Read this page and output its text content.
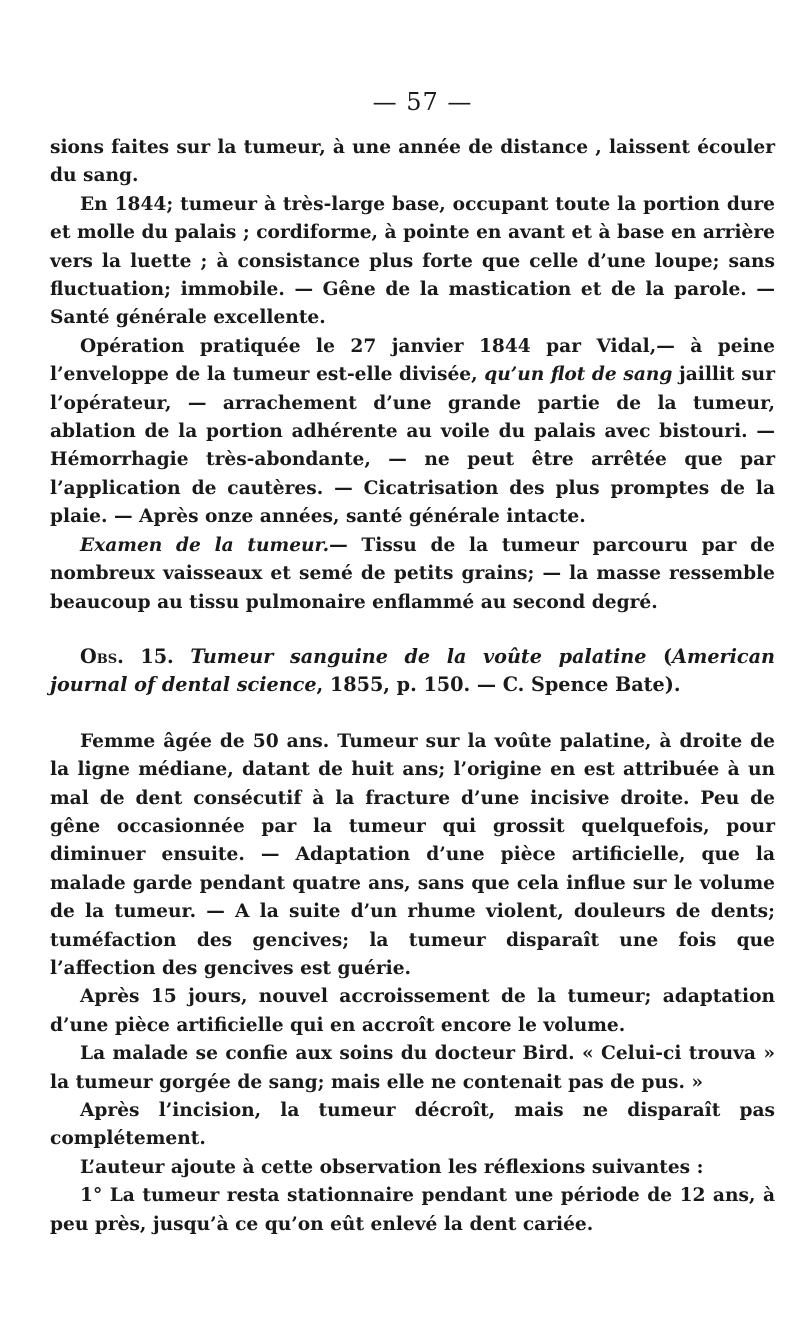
— 57 —

sions faites sur la tumeur, à une année de distance , laissent écouler du sang.

En 1844; tumeur à très-large base, occupant toute la portion dure et molle du palais ; cordiforme, à pointe en avant et à base en arrière vers la luette ; à consistance plus forte que celle d’une loupe; sans fluctuation; immobile. — Gêne de la mastication et de la parole. — Santé générale excellente.

Opération pratiquée le 27 janvier 1844 par Vidal,— à peine l’enveloppe de la tumeur est-elle divisée, qu’un flot de sang jaillit sur l’opérateur, — arrachement d’une grande partie de la tumeur, ablation de la portion adhérente au voile du palais avec bistouri. — Hémorrhagie très-abondante, — ne peut être arrêtée que par l’application de cautères. — Cicatrisation des plus promptes de la plaie. — Après onze années, santé générale intacte.

Examen de la tumeur.— Tissu de la tumeur parcouru par de nombreux vaisseaux et semé de petits grains; — la masse ressemble beaucoup au tissu pulmonaire enflammé au second degré.

Obs. 15. Tumeur sanguine de la voûte palatine (American journal of dental science, 1855, p. 150. — C. Spence Bate).

Femme âgée de 50 ans. Tumeur sur la voûte palatine, à droite de la ligne médiane, datant de huit ans; l’origine en est attribuée à un mal de dent consécutif à la fracture d’une incisive droite. Peu de gêne occasionnée par la tumeur qui grossit quelquefois, pour diminuer ensuite. — Adaptation d’une pièce artificielle, que la malade garde pendant quatre ans, sans que cela influe sur le volume de la tumeur. — A la suite d’un rhume violent, douleurs de dents; tuméfaction des gencives; la tumeur disparaît une fois que l’affection des gencives est guérie.

Après 15 jours, nouvel accroissement de la tumeur; adaptation d’une pièce artificielle qui en accroît encore le volume.

La malade se confie aux soins du docteur Bird. « Celui-ci trouva » la tumeur gorgée de sang; mais elle ne contenait pas de pus. »

Après l’incision, la tumeur décroît, mais ne disparaît pas complétement.

L’auteur ajoute à cette observation les réflexions suivantes :

1° La tumeur resta stationnaire pendant une période de 12 ans, à peu près, jusqu’à ce qu’on eût enlevé la dent cariée.
